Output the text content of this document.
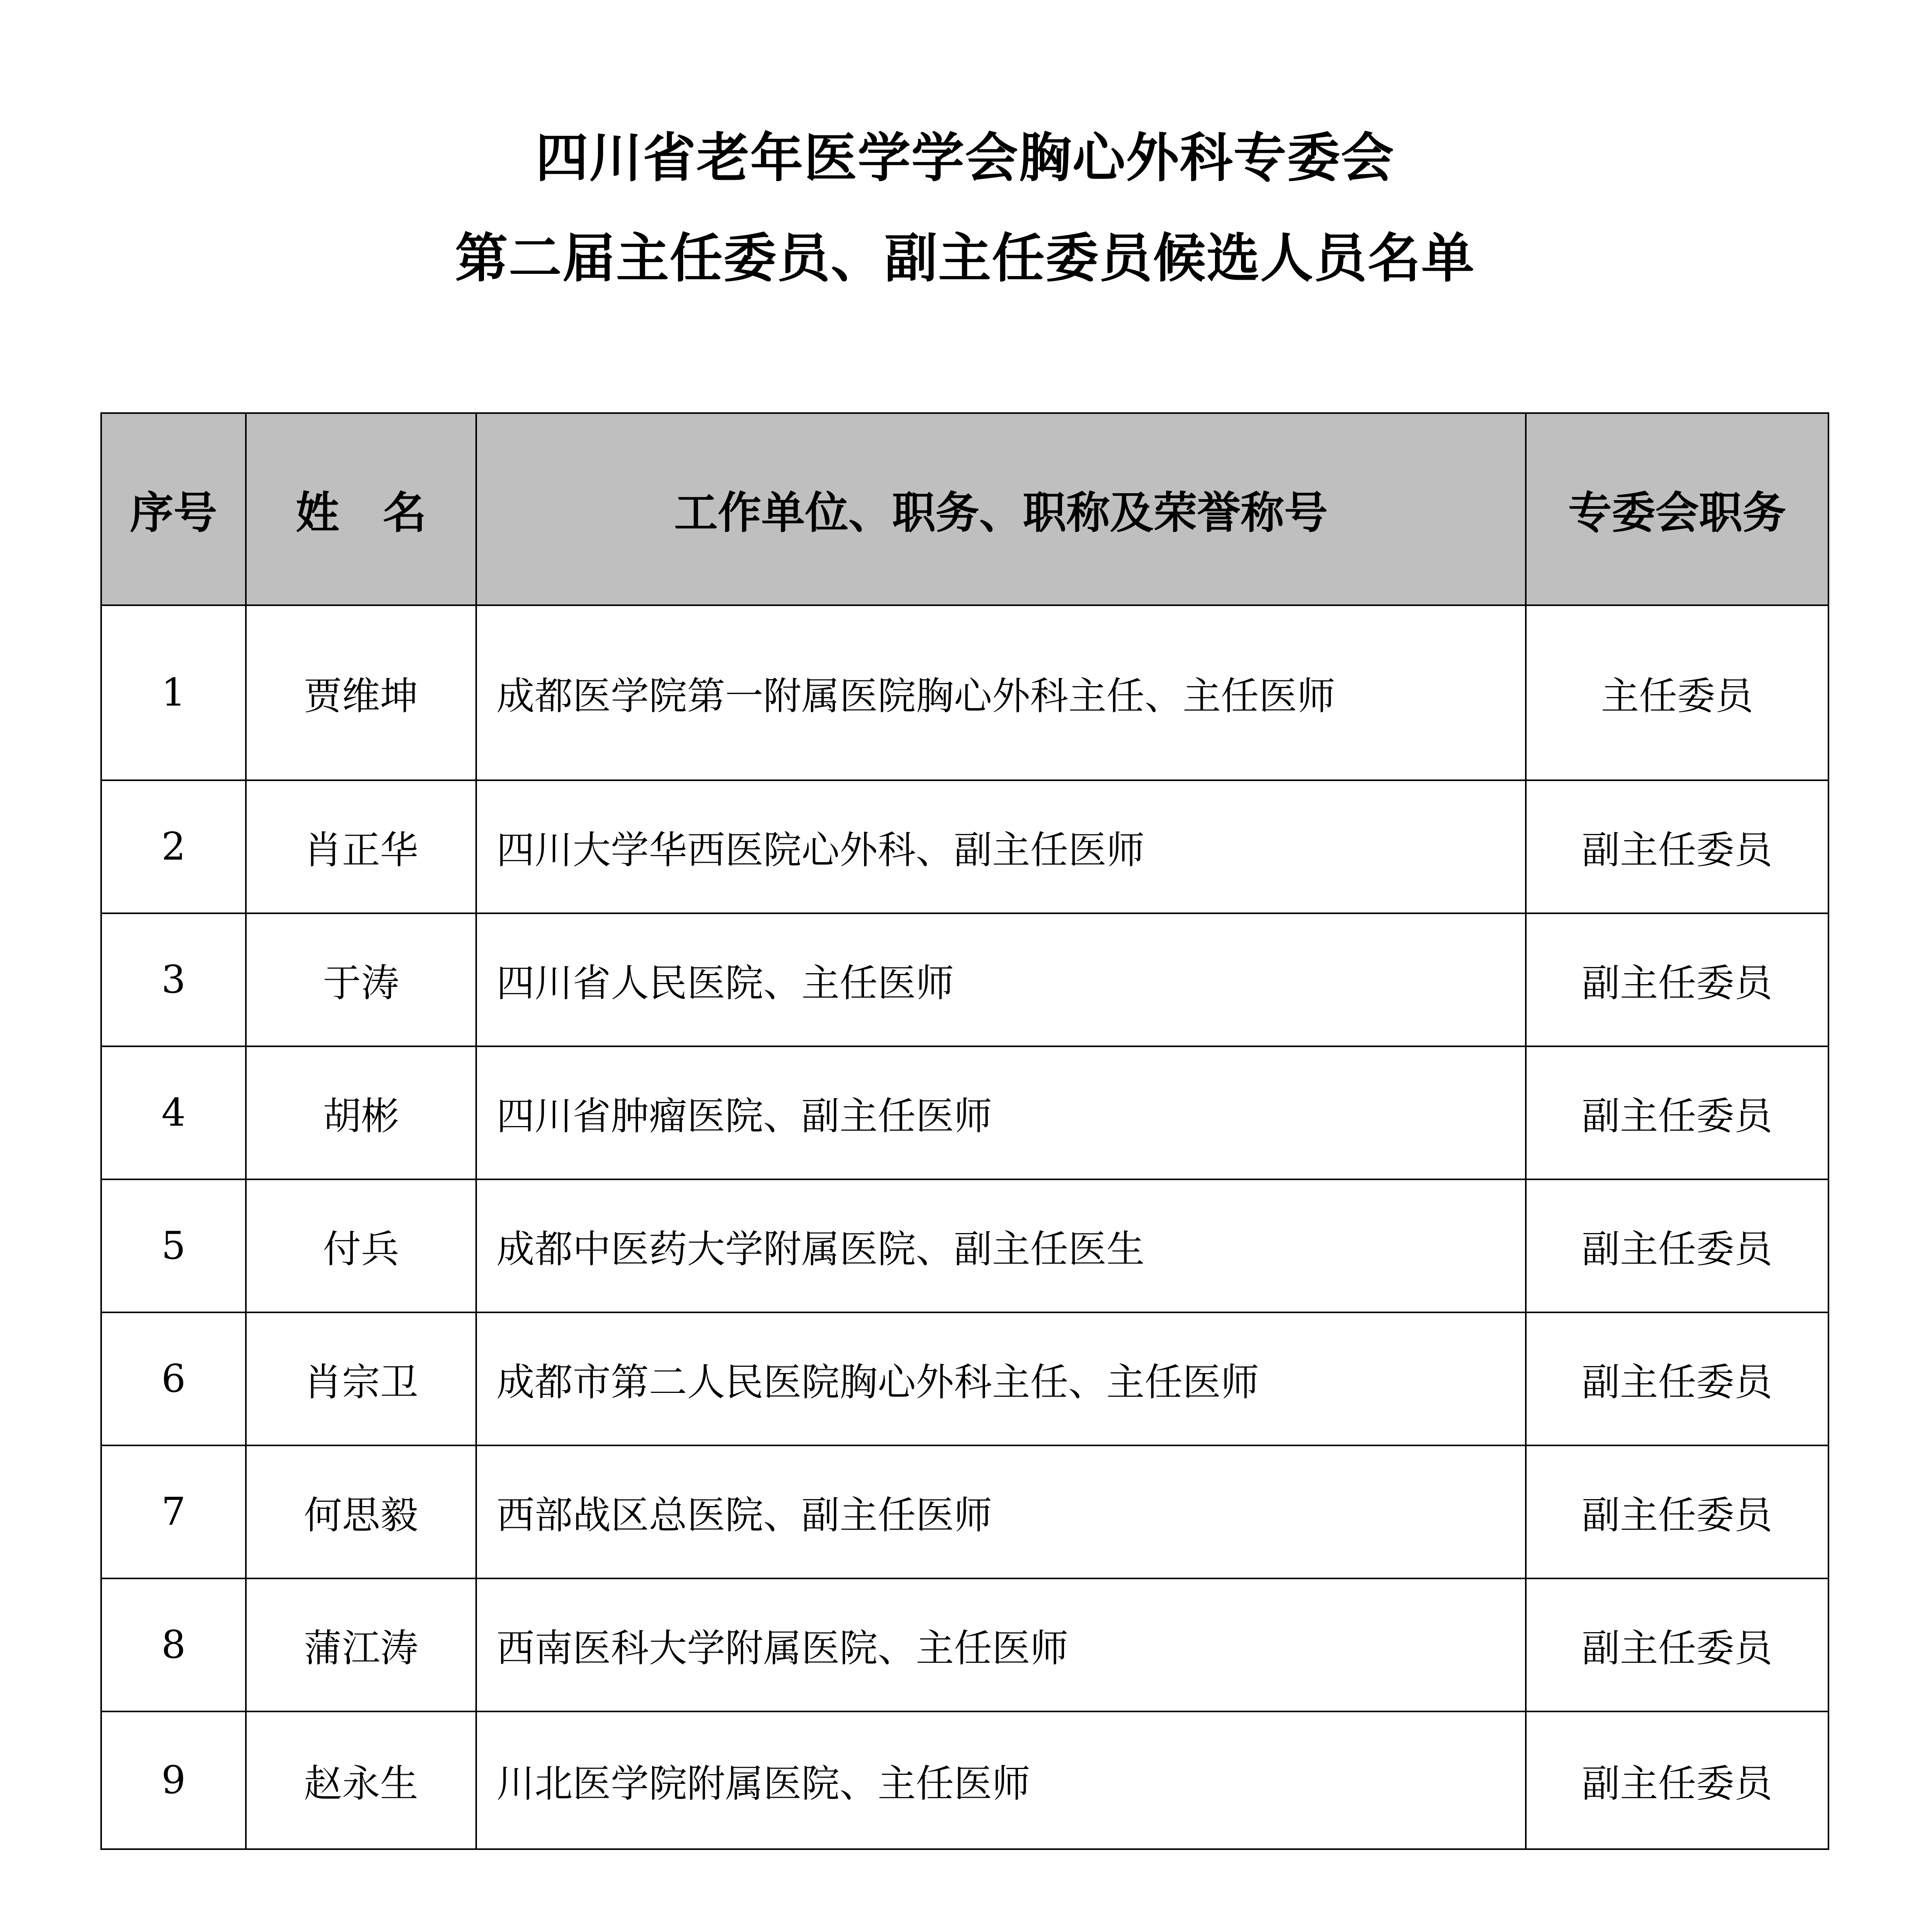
四川省老年医学学会胸心外科专委会
第二届主任委员、副主任委员候选人员名单
序号	姓　名	工作单位、职务、职称及荣誉称号	专委会职务
1	贾维坤	成都医学院第一附属医院胸心外科主任、主任医师	主任委员
2	肖正华	四川大学华西医院心外科、副主任医师	副主任委员
3	于涛	四川省人民医院、主任医师	副主任委员
4	胡彬	四川省肿瘤医院、副主任医师	副主任委员
5	付兵	成都中医药大学附属医院、副主任医生	副主任委员
6	肖宗卫	成都市第二人民医院胸心外科主任、主任医师	副主任委员
7	何思毅	西部战区总医院、副主任医师	副主任委员
8	蒲江涛	西南医科大学附属医院、主任医师	副主任委员
9	赵永生	川北医学院附属医院、主任医师	副主任委员
